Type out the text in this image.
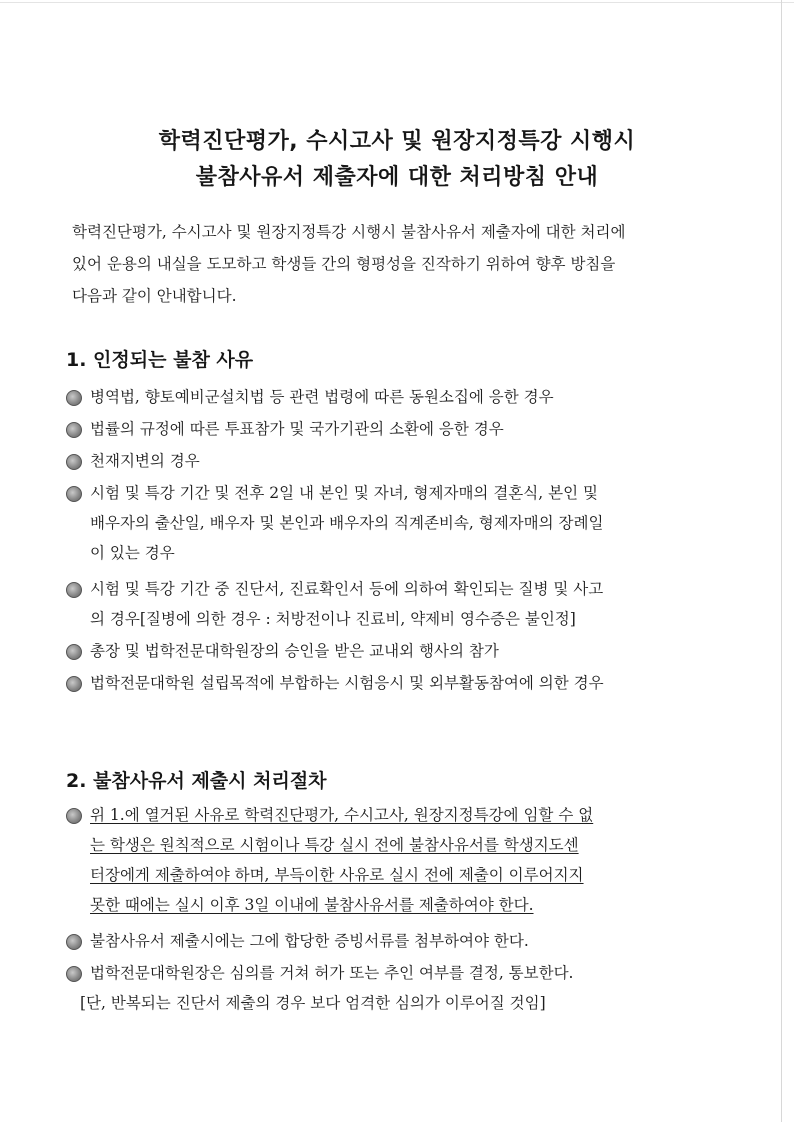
학력진단평가, 수시고사 및 원장지정특강 시행시
불참사유서 제출자에 대한 처리방침 안내
학력진단평가, 수시고사 및 원장지정특강 시행시 불참사유서 제출자에 대한 처리에
있어 운용의 내실을 도모하고 학생들 간의 형평성을 진작하기 위하여 향후 방침을
다음과 같이 안내합니다.
1. 인정되는 불참 사유
병역법, 향토예비군설치법 등 관련 법령에 따른 동원소집에 응한 경우
법률의 규정에 따른 투표참가 및 국가기관의 소환에 응한 경우
천재지변의 경우
시험 및 특강 기간 및 전후 2일 내 본인 및 자녀, 형제자매의 결혼식, 본인 및
배우자의 출산일, 배우자 및 본인과 배우자의 직계존비속, 형제자매의 장례일
이 있는 경우
시험 및 특강 기간 중 진단서, 진료확인서 등에 의하여 확인되는 질병 및 사고
의 경우[질병에 의한 경우 : 처방전이나 진료비, 약제비 영수증은 불인정]
총장 및 법학전문대학원장의 승인을 받은 교내외 행사의 참가
법학전문대학원 설립목적에 부합하는 시험응시 및 외부활동참여에 의한 경우
2. 불참사유서 제출시 처리절차
위 1.에 열거된 사유로 학력진단평가, 수시고사, 원장지정특강에 임할 수 없
는 학생은 원칙적으로 시험이나 특강 실시 전에 불참사유서를 학생지도센
터장에게 제출하여야 하며, 부득이한 사유로 실시 전에 제출이 이루어지지
못한 때에는 실시 이후 3일 이내에 불참사유서를 제출하여야 한다.
불참사유서 제출시에는 그에 합당한 증빙서류를 첨부하여야 한다.
법학전문대학원장은 심의를 거쳐 허가 또는 추인 여부를 결정, 통보한다.
[단, 반복되는 진단서 제출의 경우 보다 엄격한 심의가 이루어질 것임]
